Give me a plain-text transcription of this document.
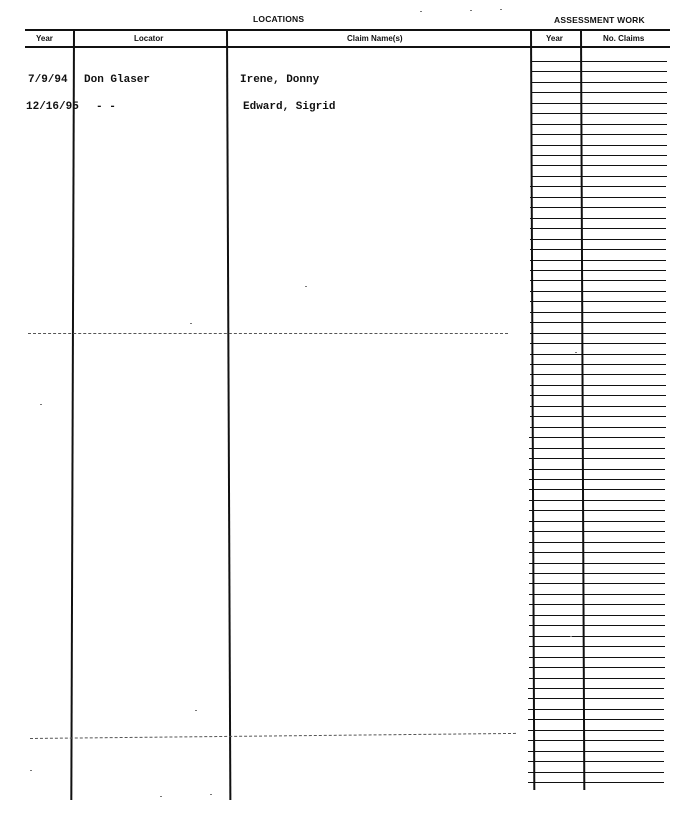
LOCATIONS	ASSESSMENT WORK
Year	Locator	Claim Name(s)	Year	No. Claims
7/9/94 Don Glaser	Irene, Donny
12/16/95 - -	Edward, Sigrid
